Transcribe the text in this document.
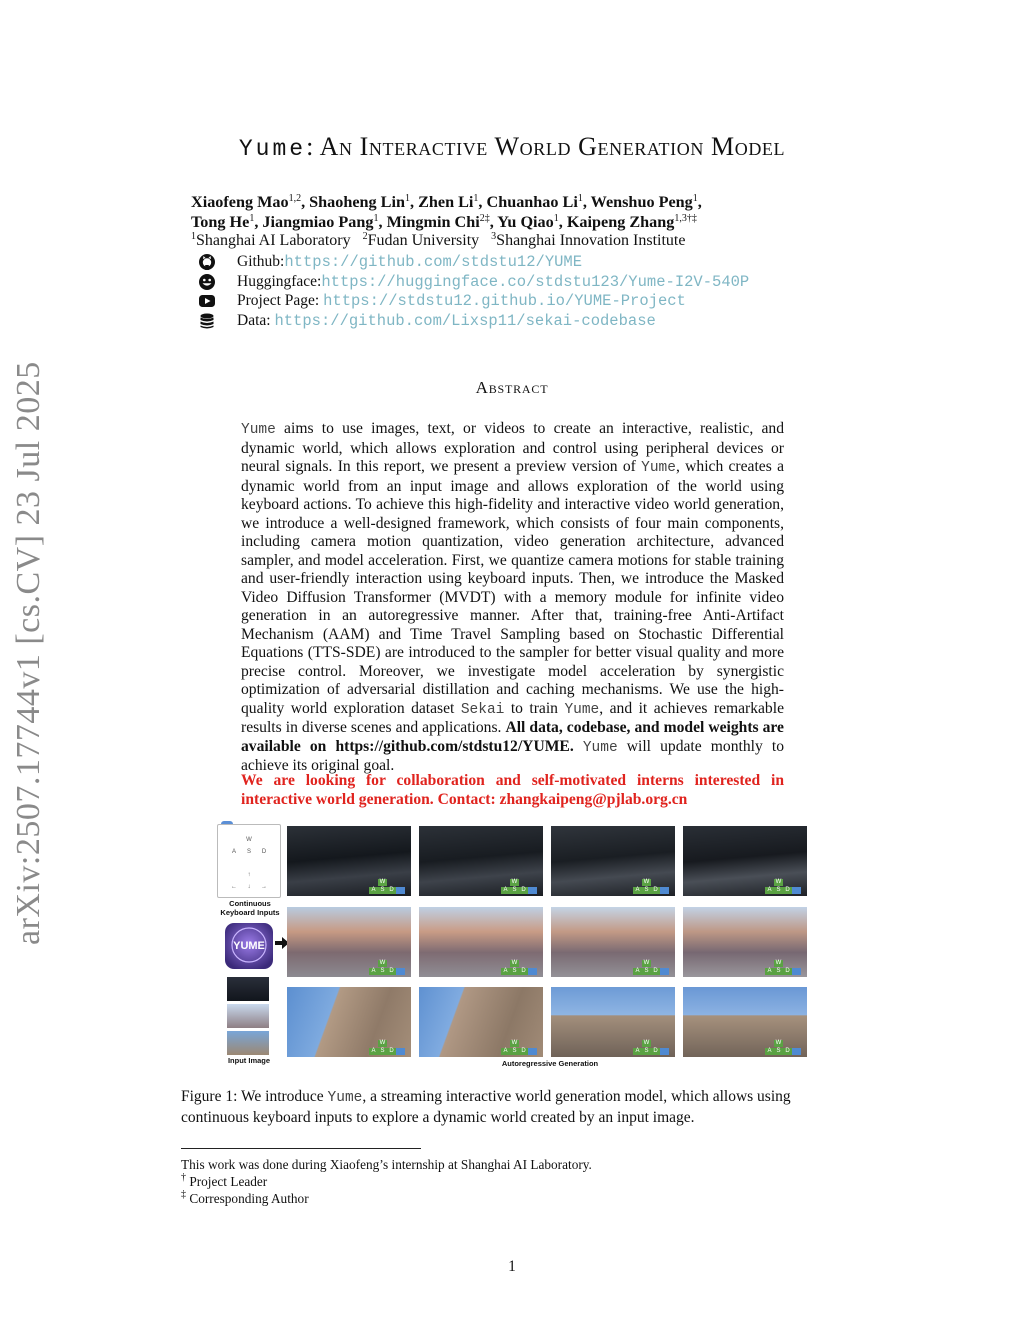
arXiv:2507.17744v1 [cs.CV] 23 Jul 2025
Yume: An Interactive World Generation Model
Xiaofeng Mao$^{1,2}$, Shaoheng Lin$^1$, Zhen Li$^1$, Chuanhao Li$^1$, Wenshuo Peng$^1$,
Tong He$^1$, Jiangmiao Pang$^1$, Mingmin Chi$^{2\ddagger}$, Yu Qiao$^1$, Kaipeng Zhang$^{1,3\dagger\ddagger}$
$^1$Shanghai AI Laboratory $^2$Fudan University $^3$Shanghai Innovation Institute
Github:https://github.com/stdstu12/YUME
Huggingface:https://huggingface.co/stdstu123/Yume-I2V-540P
Project Page: https://stdstu12.github.io/YUME-Project
Data: https://github.com/Lixsp11/sekai-codebase
Abstract
Yume aims to use images, text, or videos to create an interactive, realistic, and dynamic world, which allows exploration and control using peripheral devices or neural signals. In this report, we present a preview version of Yume, which creates a dynamic world from an input image and allows exploration of the world using keyboard actions. To achieve this high-fidelity and interactive video world generation, we introduce a well-designed framework, which consists of four main components, including camera motion quantization, video generation architecture, advanced sampler, and model acceleration. First, we quantize camera motions for stable training and user-friendly interaction using keyboard inputs. Then, we introduce the Masked Video Diffusion Transformer (MVDT) with a memory module for infinite video generation in an autoregressive manner. After that, training-free Anti-Artifact Mechanism (AAM) and Time Travel Sampling based on Stochastic Differential Equations (TTS-SDE) are introduced to the sampler for better visual quality and more precise control. Moreover, we investigate model acceleration by synergistic optimization of adversarial distillation and caching mechanisms. We use the high-quality world exploration dataset Sekai to train Yume, and it achieves remarkable results in diverse scenes and applications. All data, codebase, and model weights are available on https://github.com/stdstu12/YUME. Yume will update monthly to achieve its original goal.
We are looking for collaboration and self-motivated interns interested in interactive world generation. Contact: zhangkaipeng@pjlab.org.cn
W
A	S	D
↑
←	↓	→
Continuous Keyboard Inputs
YUME
Input Image
W
A S D
W
A S D
W
A S D
W
A S D
W
A S D
W
A S D
W
A S D
W
A S D
W
A S D
W
A S D
W
A S D
W
A S D
Autoregressive Generation
Figure 1: We introduce Yume, a streaming interactive world generation model, which allows using continuous keyboard inputs to explore a dynamic world created by an input image.
This work was done during Xiaofeng’s internship at Shanghai AI Laboratory.
† Project Leader
‡ Corresponding Author
1
